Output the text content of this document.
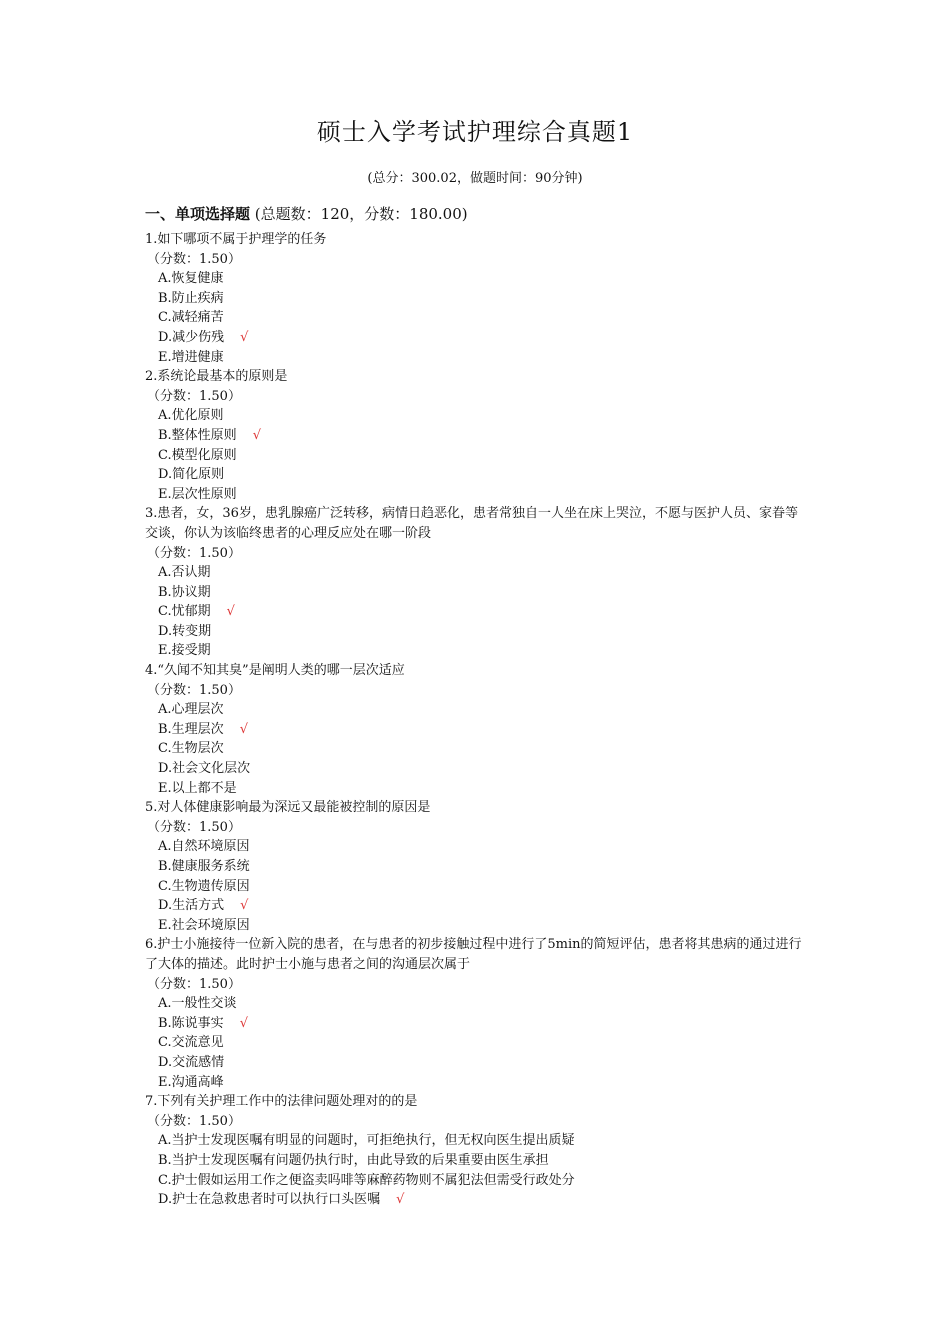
硕士入学考试护理综合真题1
(总分：300.02，做题时间：90分钟)
一、单项选择题 (总题数：120，分数：180.00)
1.如下哪项不属于护理学的任务
（分数：1.50）
A.恢复健康
B.防止疾病
C.减轻痛苦
D.减少伤残 √
E.增进健康
2.系统论最基本的原则是
（分数：1.50）
A.优化原则
B.整体性原则 √
C.模型化原则
D.简化原则
E.层次性原则
3.患者，女，36岁，患乳腺癌广泛转移，病情日趋恶化，患者常独自一人坐在床上哭泣，不愿与医护人员、家眷等交谈，你认为该临终患者的心理反应处在哪一阶段
（分数：1.50）
A.否认期
B.协议期
C.忧郁期 √
D.转变期
E.接受期
4.“久闻不知其臭”是阐明人类的哪一层次适应
（分数：1.50）
A.心理层次
B.生理层次 √
C.生物层次
D.社会文化层次
E.以上都不是
5.对人体健康影响最为深远又最能被控制的原因是
（分数：1.50）
A.自然环境原因
B.健康服务系统
C.生物遗传原因
D.生活方式 √
E.社会环境原因
6.护士小施接待一位新入院的患者，在与患者的初步接触过程中进行了5min的简短评估，患者将其患病的通过进行了大体的描述。此时护士小施与患者之间的沟通层次属于
（分数：1.50）
A.一般性交谈
B.陈说事实 √
C.交流意见
D.交流感情
E.沟通高峰
7.下列有关护理工作中的法律问题处理对的的是
（分数：1.50）
A.当护士发现医嘱有明显的问题时，可拒绝执行，但无权向医生提出质疑
B.当护士发现医嘱有问题仍执行时，由此导致的后果重要由医生承担
C.护士假如运用工作之便盗卖吗啡等麻醉药物则不属犯法但需受行政处分
D.护士在急救患者时可以执行口头医嘱 √
